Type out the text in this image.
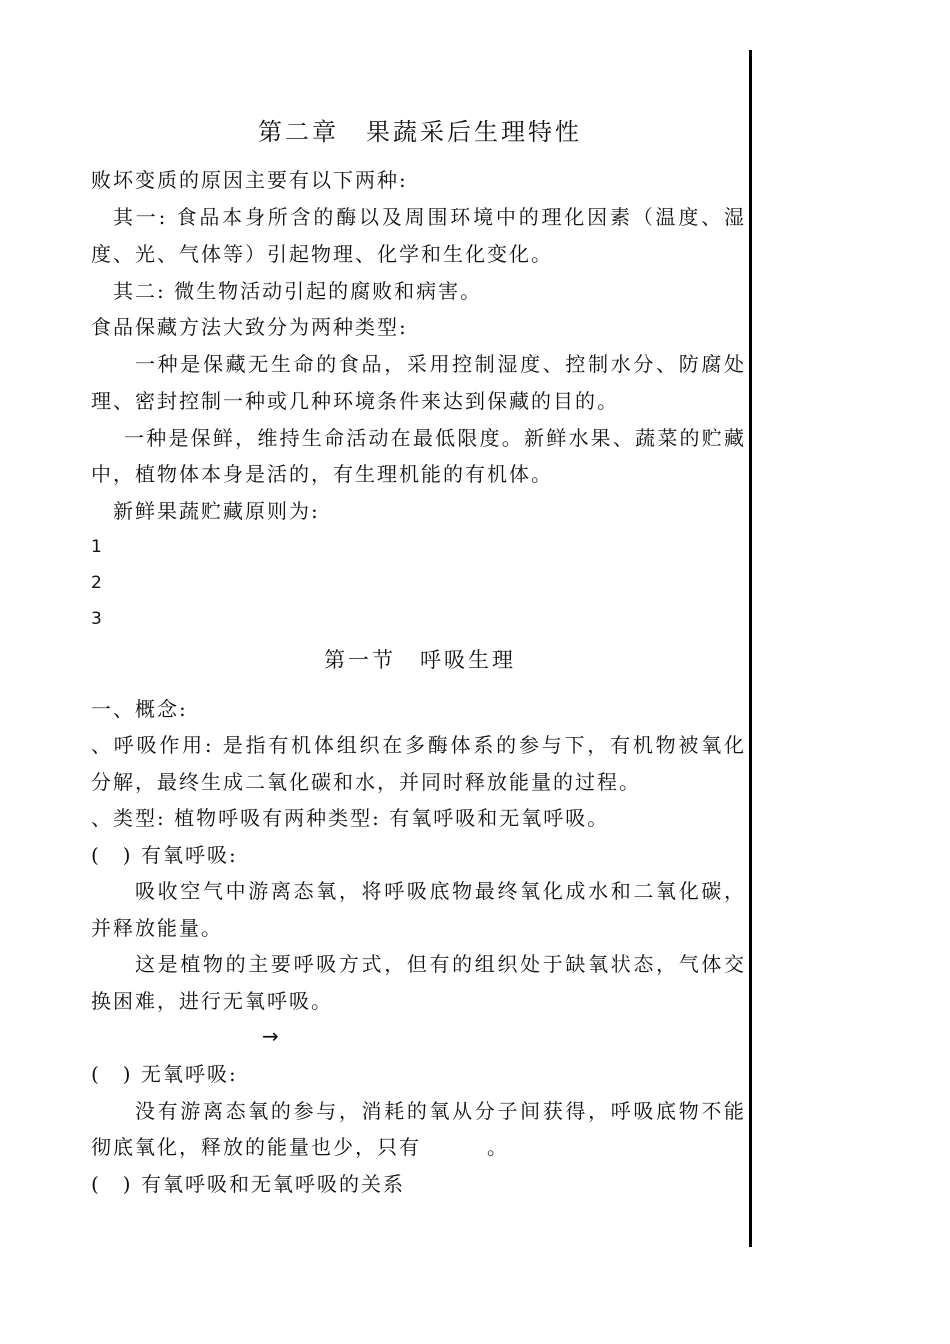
第二章　果蔬采后生理特性
败坏变质的原因主要有以下两种:
其一: 食品本身所含的酶以及周围环境中的理化因素（温度、湿
度、光、气体等）引起物理、化学和生化变化。
其二: 微生物活动引起的腐败和病害。
食品保藏方法大致分为两种类型:
一种是保藏无生命的食品，采用控制湿度、控制水分、防腐处
理、密封控制一种或几种环境条件来达到保藏的目的。
一种是保鲜，维持生命活动在最低限度。新鲜水果、蔬菜的贮藏
中，植物体本身是活的，有生理机能的有机体。
新鲜果蔬贮藏原则为:
1
2
3
第一节　呼吸生理
一、概念:
、呼吸作用: 是指有机体组织在多酶体系的参与下，有机物被氧化
分解，最终生成二氧化碳和水，并同时释放能量的过程。
、类型: 植物呼吸有两种类型: 有氧呼吸和无氧呼吸。
(　) 有氧呼吸:
吸收空气中游离态氧，将呼吸底物最终氧化成水和二氧化碳，
并释放能量。
这是植物的主要呼吸方式，但有的组织处于缺氧状态，气体交
换困难，进行无氧呼吸。
→
(　) 无氧呼吸:
没有游离态氧的参与，消耗的氧从分子间获得，呼吸底物不能
彻底氧化，释放的能量也少，只有　　　。
(　) 有氧呼吸和无氧呼吸的关系
